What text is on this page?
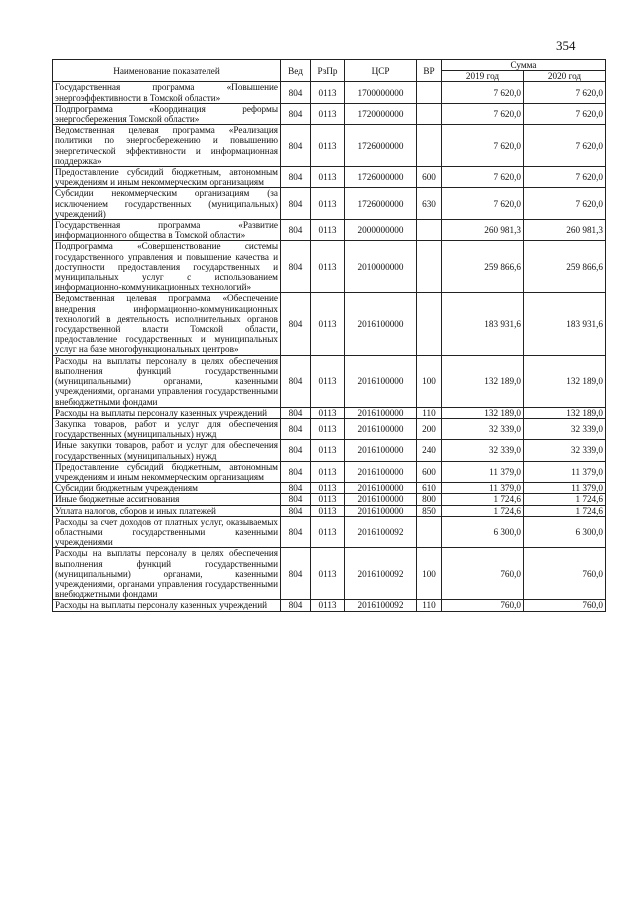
354
Наименование показателей	Вед	РзПр	ЦСР	ВР	Сумма	
					2019 год	2020 год
Государственная программа «Повышение энергоэффективности в Томской области»	804	0113	1700000000		7 620,0	7 620,0
Подпрограмма «Координация реформы энергосбережения Томской области»	804	0113	1720000000		7 620,0	7 620,0
Ведомственная целевая программа «Реализация политики по энергосбережению и повышению энергетической эффективности и информационная поддержка»	804	0113	1726000000		7 620,0	7 620,0
Предоставление субсидий бюджетным, автономным учреждениям и иным некоммерческим организациям	804	0113	1726000000	600	7 620,0	7 620,0
Субсидии некоммерческим организациям (за исключением государственных (муниципальных) учреждений)	804	0113	1726000000	630	7 620,0	7 620,0
Государственная программа «Развитие информационного общества в Томской области»	804	0113	2000000000		260 981,3	260 981,3
Подпрограмма «Совершенствование системы государственного управления и повышение качества и доступности предоставления государственных и муниципальных услуг с использованием информационно-коммуникационных технологий»	804	0113	2010000000		259 866,6	259 866,6
Ведомственная целевая программа «Обеспечение внедрения информационно-коммуникационных технологий в деятельность исполнительных органов государственной власти Томской области, предоставление государственных и муниципальных услуг на базе многофункциональных центров»	804	0113	2016100000		183 931,6	183 931,6
Расходы на выплаты персоналу в целях обеспечения выполнения функций государственными (муниципальными) органами, казенными учреждениями, органами управления государственными внебюджетными фондами	804	0113	2016100000	100	132 189,0	132 189,0
Расходы на выплаты персоналу казенных учреждений	804	0113	2016100000	110	132 189,0	132 189,0
Закупка товаров, работ и услуг для обеспечения государственных (муниципальных) нужд	804	0113	2016100000	200	32 339,0	32 339,0
Иные закупки товаров, работ и услуг для обеспечения государственных (муниципальных) нужд	804	0113	2016100000	240	32 339,0	32 339,0
Предоставление субсидий бюджетным, автономным учреждениям и иным некоммерческим организациям	804	0113	2016100000	600	11 379,0	11 379,0
Субсидии бюджетным учреждениям	804	0113	2016100000	610	11 379,0	11 379,0
Иные бюджетные ассигнования	804	0113	2016100000	800	1 724,6	1 724,6
Уплата налогов, сборов и иных платежей	804	0113	2016100000	850	1 724,6	1 724,6
Расходы за счет доходов от платных услуг, оказываемых областными государственными казенными учреждениями	804	0113	2016100092		6 300,0	6 300,0
Расходы на выплаты персоналу в целях обеспечения выполнения функций государственными (муниципальными) органами, казенными учреждениями, органами управления государственными внебюджетными фондами	804	0113	2016100092	100	760,0	760,0
Расходы на выплаты персоналу казенных учреждений	804	0113	2016100092	110	760,0	760,0
